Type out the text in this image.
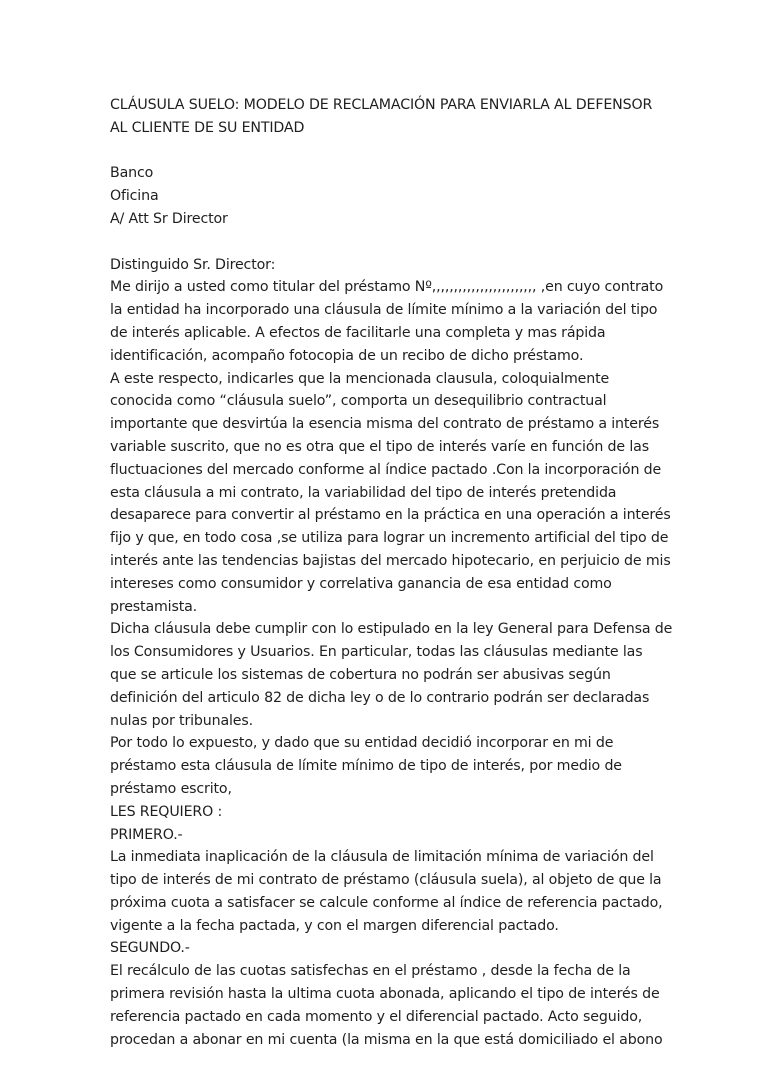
CLÁUSULA SUELO: MODELO DE RECLAMACIÓN PARA ENVIARLA AL DEFENSOR
AL CLIENTE DE SU ENTIDAD
Banco
Oficina
A/ Att Sr Director
Distinguido Sr. Director:
Me dirijo a usted como titular del préstamo Nº,,,,,,,,,,,,,,,,,,,,,,,, ,en cuyo contrato
la entidad ha incorporado una cláusula de límite mínimo a la variación del tipo
de interés aplicable. A efectos de facilitarle una completa y mas rápida
identificación, acompaño fotocopia de un recibo de dicho préstamo.
A este respecto, indicarles que la mencionada clausula, coloquialmente
conocida como “cláusula suelo”, comporta un desequilibrio contractual
importante que desvirtúa la esencia misma del contrato de préstamo a interés
variable suscrito, que no es otra que el tipo de interés varíe en función de las
fluctuaciones del mercado conforme al índice pactado .Con la incorporación de
esta cláusula a mi contrato, la variabilidad del tipo de interés pretendida
desaparece para convertir al préstamo en la práctica en una operación a interés
fijo y que, en todo cosa ,se utiliza para lograr un incremento artificial del tipo de
interés ante las tendencias bajistas del mercado hipotecario, en perjuicio de mis
intereses como consumidor y correlativa ganancia de esa entidad como
prestamista.
Dicha cláusula debe cumplir con lo estipulado en la ley General para Defensa de
los Consumidores y Usuarios. En particular, todas las cláusulas mediante las
que se articule los sistemas de cobertura no podrán ser abusivas según
definición del articulo 82 de dicha ley o de lo contrario podrán ser declaradas
nulas por tribunales.
Por todo lo expuesto, y dado que su entidad decidió incorporar en mi de
préstamo esta cláusula de límite mínimo de tipo de interés, por medio de
préstamo escrito,
LES REQUIERO :
PRIMERO.-
La inmediata inaplicación de la cláusula de limitación mínima de variación del
tipo de interés de mi contrato de préstamo (cláusula suela), al objeto de que la
próxima cuota a satisfacer se calcule conforme al índice de referencia pactado,
vigente a la fecha pactada, y con el margen diferencial pactado.
SEGUNDO.-
El recálculo de las cuotas satisfechas en el préstamo , desde la fecha de la
primera revisión hasta la ultima cuota abonada, aplicando el tipo de interés de
referencia pactado en cada momento y el diferencial pactado. Acto seguido,
procedan a abonar en mi cuenta (la misma en la que está domiciliado el abono
